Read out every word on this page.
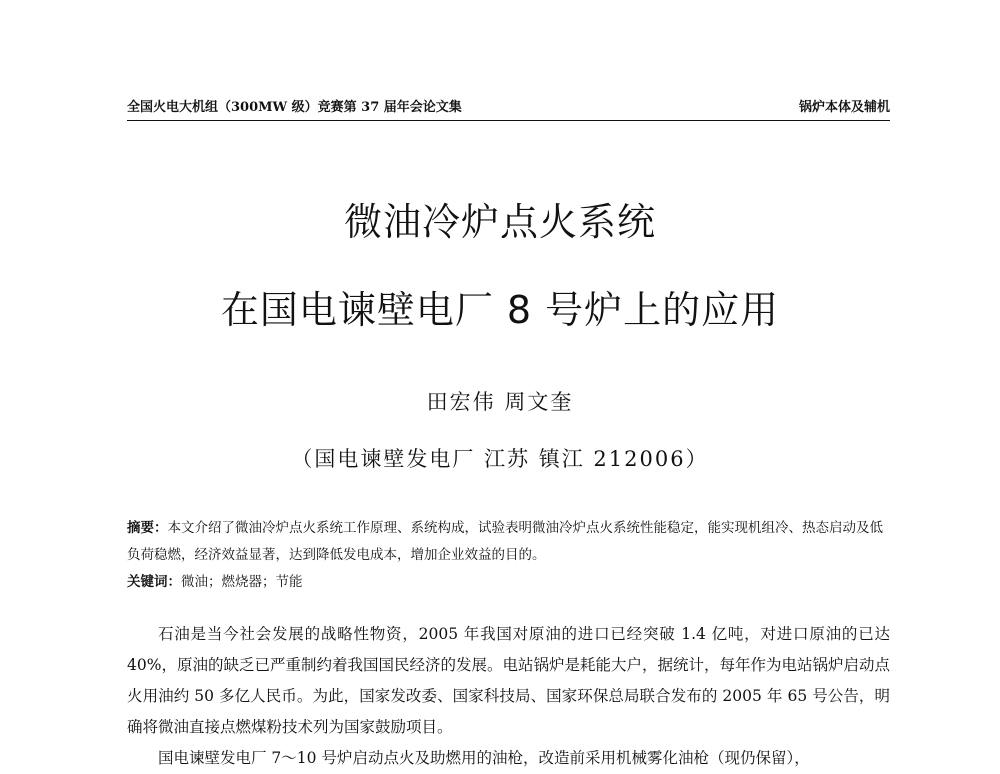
全国火电大机组（300MW 级）竞赛第 37 届年会论文集	锅炉本体及辅机
微油冷炉点火系统
在国电谏壁电厂 8 号炉上的应用
田宏伟 周文奎
（国电谏壁发电厂 江苏 镇江 212006）
摘要：本文介绍了微油冷炉点火系统工作原理、系统构成，试验表明微油冷炉点火系统性能稳定，能实现机组冷、热态启动及低负荷稳燃，经济效益显著，达到降低发电成本，增加企业效益的目的。
关键词：微油；燃烧器；节能

石油是当今社会发展的战略性物资，2005 年我国对原油的进口已经突破 1.4 亿吨，对进口原油的已达 40%，原油的缺乏已严重制约着我国国民经济的发展。电站锅炉是耗能大户，据统计，每年作为电站锅炉启动点火用油约 50 多亿人民币。为此，国家发改委、国家科技局、国家环保总局联合发布的 2005 年 65 号公告，明确将微油直接点燃煤粉技术列为国家鼓励项目。

国电谏壁发电厂 7～10 号炉启动点火及助燃用的油枪，改造前采用机械雾化油枪（现仍保留），
